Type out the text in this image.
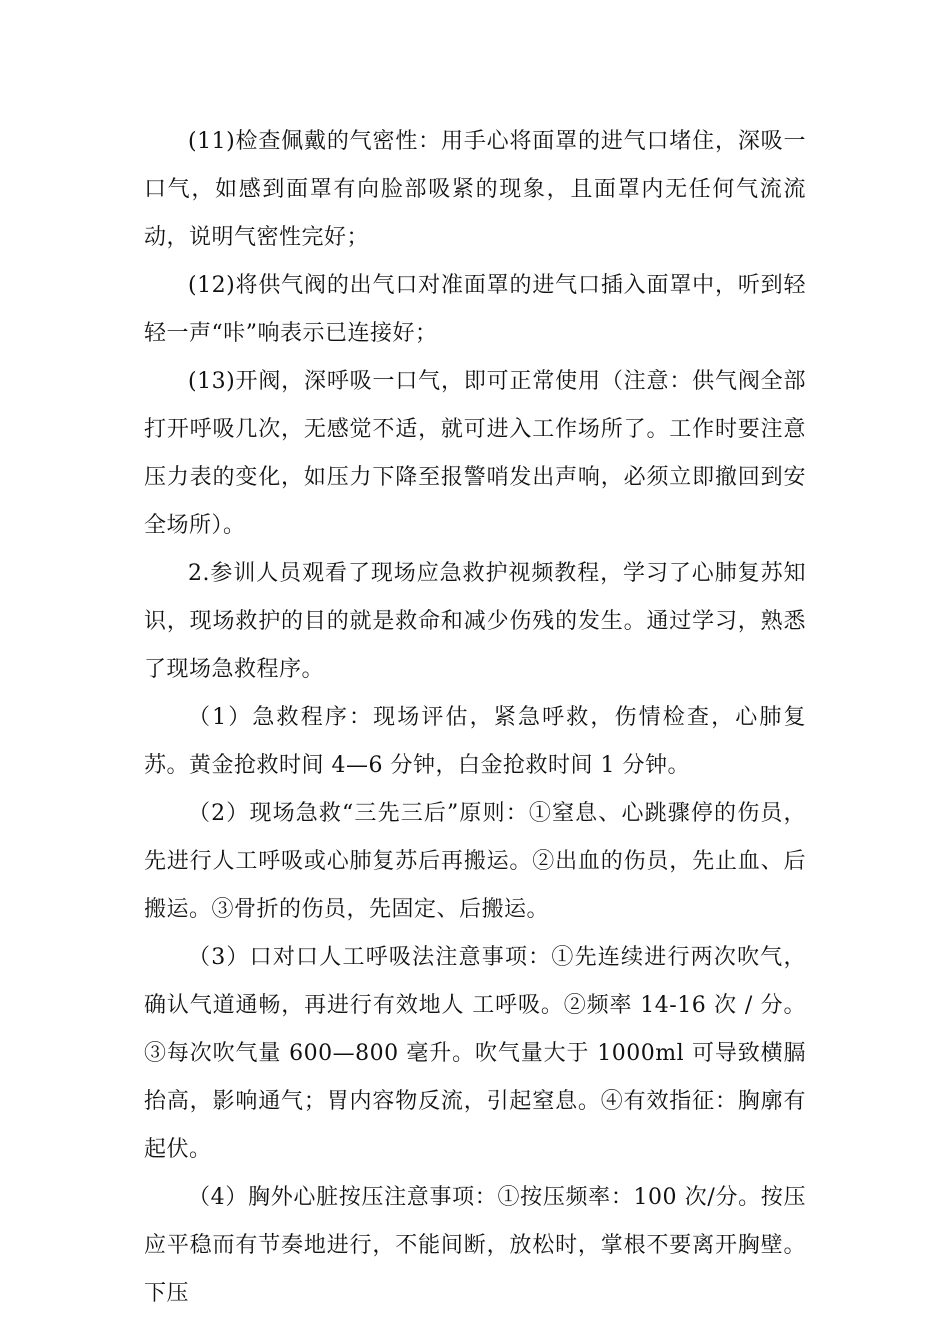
(11)检查佩戴的气密性：用手心将面罩的进气口堵住，深吸一口气，如感到面罩有向脸部吸紧的现象，且面罩内无任何气流流动，说明气密性完好；

(12)将供气阀的出气口对准面罩的进气口插入面罩中，听到轻轻一声“咔”响表示已连接好；

(13)开阀，深呼吸一口气，即可正常使用（注意：供气阀全部打开呼吸几次，无感觉不适，就可进入工作场所了。工作时要注意压力表的变化，如压力下降至报警哨发出声响，必须立即撤回到安全场所）。

2.参训人员观看了现场应急救护视频教程，学习了心肺复苏知识，现场救护的目的就是救命和减少伤残的发生。通过学习，熟悉了现场急救程序。

（1）急救程序：现场评估，紧急呼救，伤情检查，心肺复苏。黄金抢救时间 4—6 分钟，白金抢救时间 1 分钟。

（2）现场急救“三先三后”原则：①窒息、心跳骤停的伤员，先进行人工呼吸或心肺复苏后再搬运。②出血的伤员，先止血、后搬运。③骨折的伤员，先固定、后搬运。

（3）口对口人工呼吸法注意事项：①先连续进行两次吹气，确认气道通畅，再进行有效地人 工呼吸。②频率 14-16 次 / 分。③每次吹气量 600—800 毫升。吹气量大于 1000ml 可导致横膈抬高，影响通气；胃内容物反流，引起窒息。④有效指征：胸廓有起伏。

（4）胸外心脏按压注意事项：①按压频率：100 次/分。按压应平稳而有节奏地进行，不能间断，放松时，掌根不要离开胸壁。下压
